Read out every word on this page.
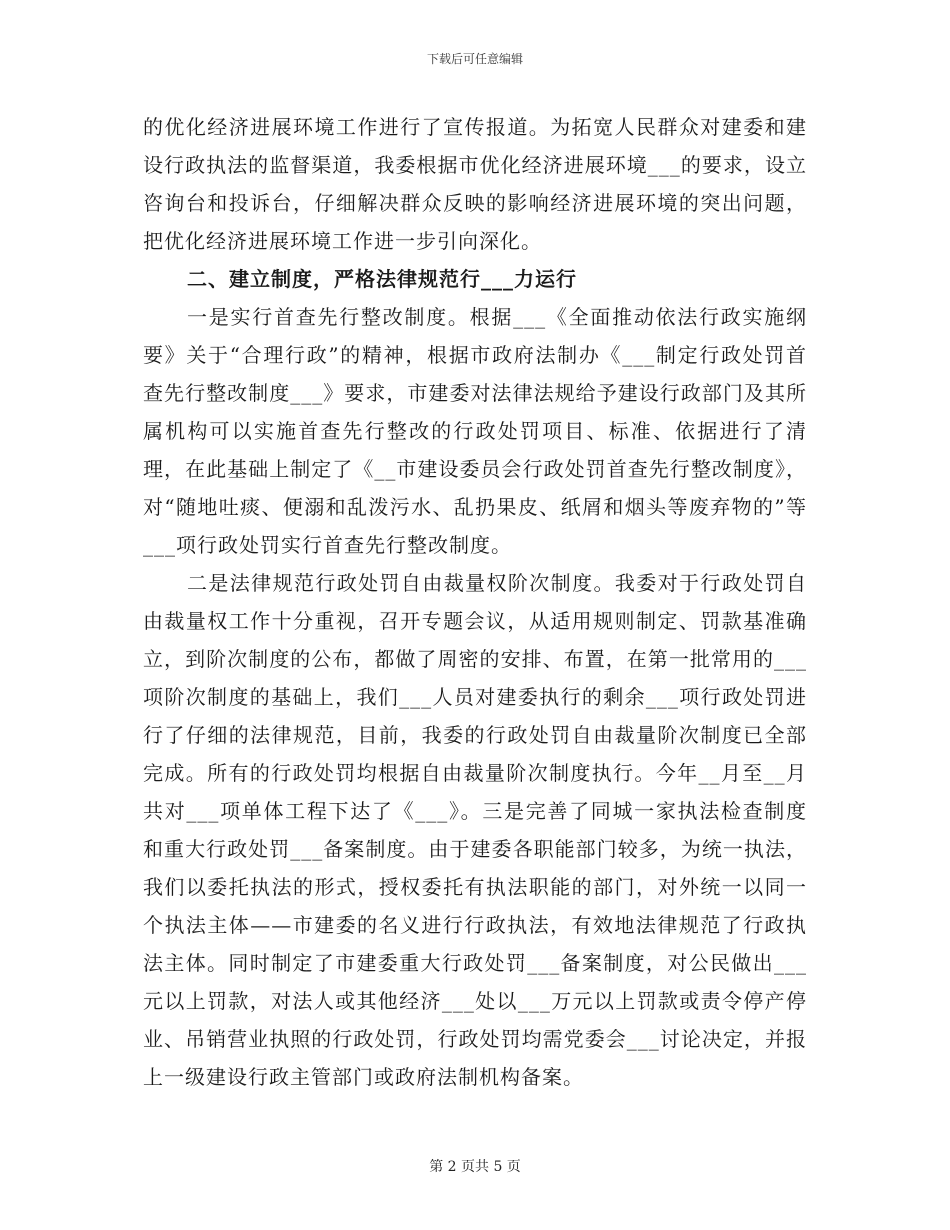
下载后可任意编辑

的优化经济进展环境工作进行了宣传报道。为拓宽人民群众对建委和建设行政执法的监督渠道，我委根据市优化经济进展环境___的要求，设立咨询台和投诉台，仔细解决群众反映的影响经济进展环境的突出问题，把优化经济进展环境工作进一步引向深化。

二、建立制度，严格法律规范行___力运行

一是实行首查先行整改制度。根据___《全面推动依法行政实施纲要》关于“合理行政”的精神，根据市政府法制办《___制定行政处罚首查先行整改制度___》要求，市建委对法律法规给予建设行政部门及其所属机构可以实施首查先行整改的行政处罚项目、标准、依据进行了清理，在此基础上制定了《__市建设委员会行政处罚首查先行整改制度》，对“随地吐痰、便溺和乱泼污水、乱扔果皮、纸屑和烟头等废弃物的”等___项行政处罚实行首查先行整改制度。

二是法律规范行政处罚自由裁量权阶次制度。我委对于行政处罚自由裁量权工作十分重视，召开专题会议，从适用规则制定、罚款基准确立，到阶次制度的公布，都做了周密的安排、布置，在第一批常用的___项阶次制度的基础上，我们___人员对建委执行的剩余___项行政处罚进行了仔细的法律规范，目前，我委的行政处罚自由裁量阶次制度已全部完成。所有的行政处罚均根据自由裁量阶次制度执行。今年__月至__月共对___项单体工程下达了《___》。三是完善了同城一家执法检查制度和重大行政处罚___备案制度。由于建委各职能部门较多，为统一执法，我们以委托执法的形式，授权委托有执法职能的部门，对外统一以同一个执法主体——市建委的名义进行行政执法，有效地法律规范了行政执法主体。同时制定了市建委重大行政处罚___备案制度，对公民做出___元以上罚款，对法人或其他经济___处以___万元以上罚款或责令停产停业、吊销营业执照的行政处罚，行政处罚均需党委会___讨论决定，并报上一级建设行政主管部门或政府法制机构备案。

第 2 页共 5 页
